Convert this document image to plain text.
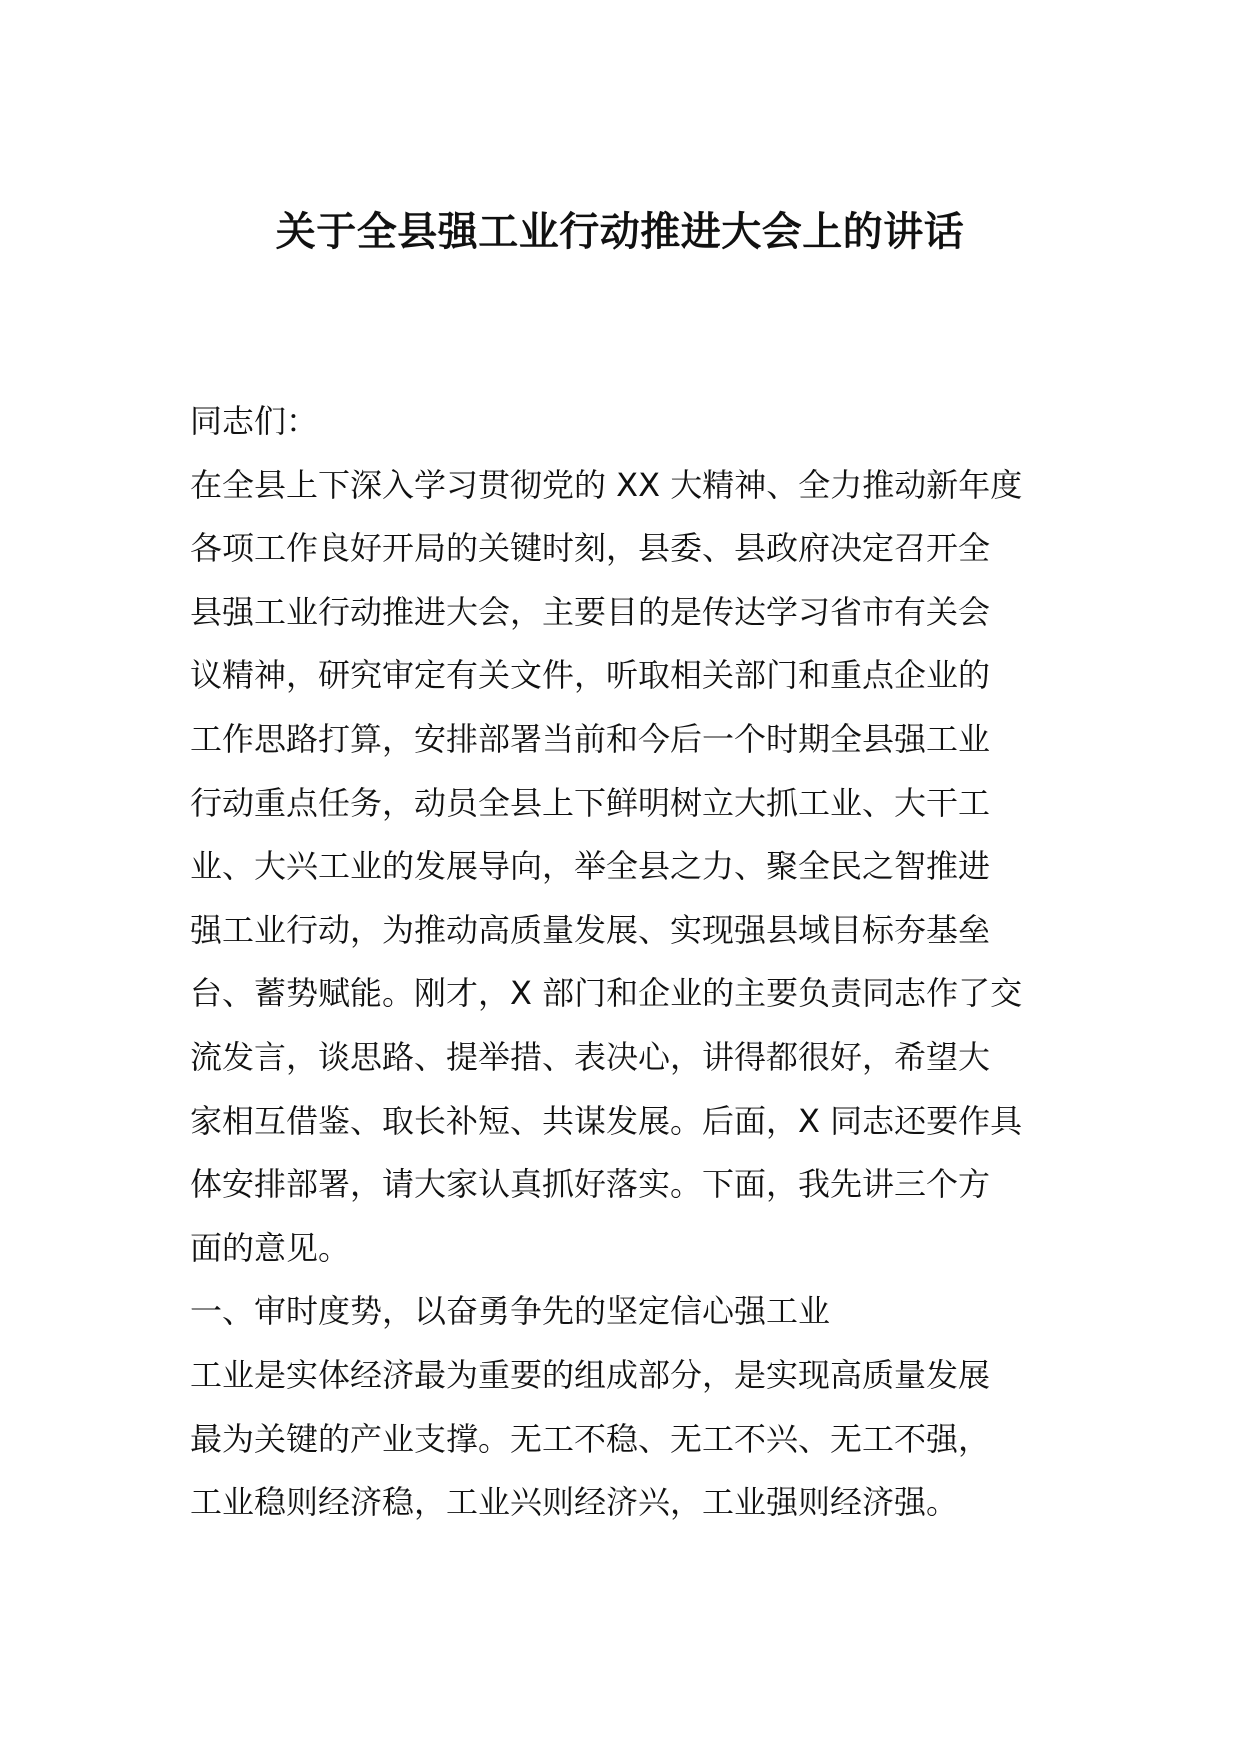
关于全县强工业行动推进大会上的讲话
同志们：
在全县上下深入学习贯彻党的 XX 大精神、全力推动新年度
各项工作良好开局的关键时刻，县委、县政府决定召开全
县强工业行动推进大会，主要目的是传达学习省市有关会
议精神，研究审定有关文件，听取相关部门和重点企业的
工作思路打算，安排部署当前和今后一个时期全县强工业
行动重点任务，动员全县上下鲜明树立大抓工业、大干工
业、大兴工业的发展导向，举全县之力、聚全民之智推进
强工业行动，为推动高质量发展、实现强县域目标夯基垒
台、蓄势赋能。刚才，X 部门和企业的主要负责同志作了交
流发言，谈思路、提举措、表决心，讲得都很好，希望大
家相互借鉴、取长补短、共谋发展。后面，X 同志还要作具
体安排部署，请大家认真抓好落实。下面，我先讲三个方
面的意见。
一、审时度势，以奋勇争先的坚定信心强工业
工业是实体经济最为重要的组成部分，是实现高质量发展
最为关键的产业支撑。无工不稳、无工不兴、无工不强，
工业稳则经济稳，工业兴则经济兴，工业强则经济强。
